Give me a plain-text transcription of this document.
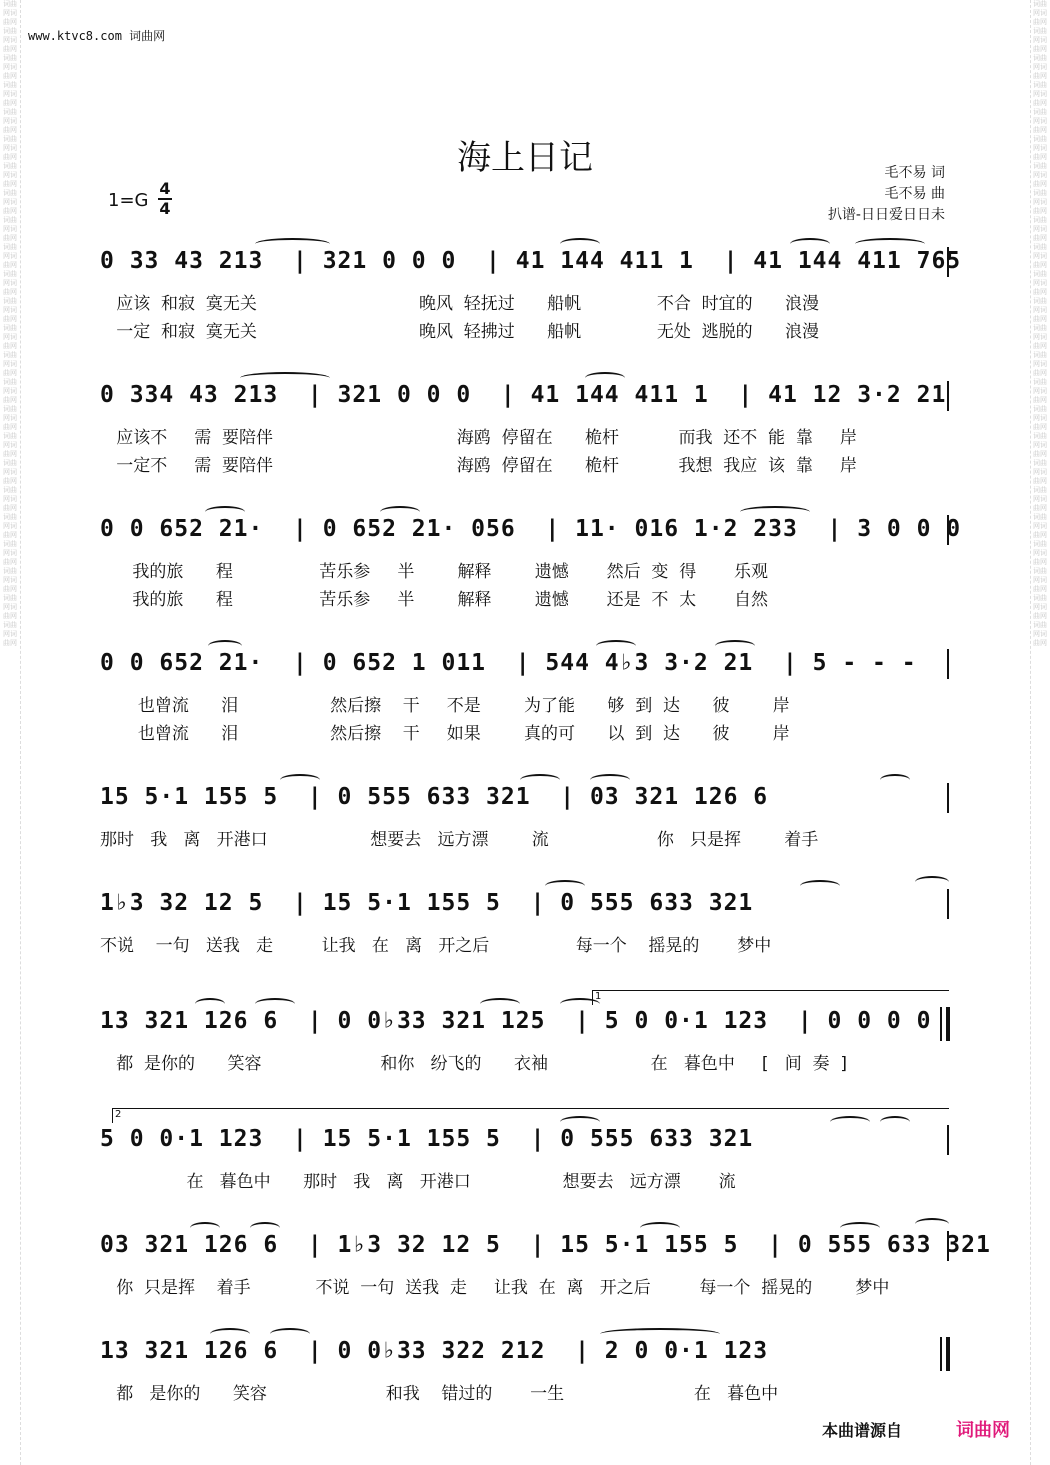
词曲网词曲网词曲网词曲网词曲网词曲网词曲网词曲网词曲网词曲网词曲网词曲网词曲网词曲网词曲网词曲网词曲网词曲网词曲网词曲网词曲网词曲网词曲网词曲网词曲网词曲网词曲网词曲网词曲网词曲网词曲网词曲网词曲网词曲网词曲网词曲网词曲网词曲网词曲网词曲网词曲网词曲网词曲网词曲网词曲网词曲网词曲网词曲网
词曲网词曲网词曲网词曲网词曲网词曲网词曲网词曲网词曲网词曲网词曲网词曲网词曲网词曲网词曲网词曲网词曲网词曲网词曲网词曲网词曲网词曲网词曲网词曲网词曲网词曲网词曲网词曲网词曲网词曲网词曲网词曲网词曲网词曲网词曲网词曲网词曲网词曲网词曲网词曲网词曲网词曲网词曲网词曲网词曲网词曲网词曲网词曲网
www.ktvc8.com 词曲网
海上日记	毛不易 词
毛不易 曲
扒谱-日日爱日日未
1=G
4
4
0 33 43 213  | 321 0 0 0  | 41 144 411 1  | 41 144 411 765
应该  和寂  寞无关                              晚风  轻抚过      船帆              不合  时宜的      浪漫
一定  和寂  寞无关                              晚风  轻拂过      船帆              无处  逃脱的      浪漫
0 334 43 213  | 321 0 0 0  | 41 144 411 1  | 41 12 3·2 21
应该不     需  要陪伴                                  海鸥  停留在      桅杆           而我  还不  能  靠     岸
一定不     需  要陪伴                                  海鸥  停留在      桅杆           我想  我应  该  靠     岸
0 0 652 21·  | 0 652 21· 056  | 11· 016 1·2 233  | 3 0 0 0
我的旅      程                苦乐参     半        解释        遗憾       然后  变  得       乐观
我的旅      程                苦乐参     半        解释        遗憾       还是  不  太       自然
0 0 652 21·  | 0 652 1 011  | 544 4♭3 3·2 21  | 5 - - -
也曾流      泪                 然后擦    干     不是        为了能      够  到  达      彼        岸
也曾流      泪                 然后擦    干     如果        真的可      以  到  达      彼        岸
15 5·1 155 5  | 0 555 633 321  | 03 321 126 6
那时   我   离   开港口                   想要去   远方漂        流                    你   只是挥        着手
1♭3 32 12 5  | 15 5·1 155 5  | 0 555 633 321
不说    一句   送我   走         让我   在   离   开之后                每一个    摇晃的       梦中
13 321 126 6  | 0 0♭33 321 125  | 5 0 0·1 123  | 0 0 0 0
都  是你的      笑容                      和你   纷飞的      衣袖                   在   暮色中     [   间  奏  ]
1
5 0 0·1 123  | 15 5·1 155 5  | 0 555 633 321
在   暮色中      那时   我   离   开港口                 想要去   远方漂       流
2
03 321 126 6  | 1♭3 32 12 5  | 15 5·1 155 5  | 0 555 633 321
你  只是挥    着手            不说  一句  送我  走     让我  在  离   开之后         每一个  摇晃的        梦中
13 321 126 6  | 0 0♭33 322 212  | 2 0 0·1 123
都   是你的      笑容                      和我    错过的       一生                        在   暮色中
本曲谱源自	词曲网
